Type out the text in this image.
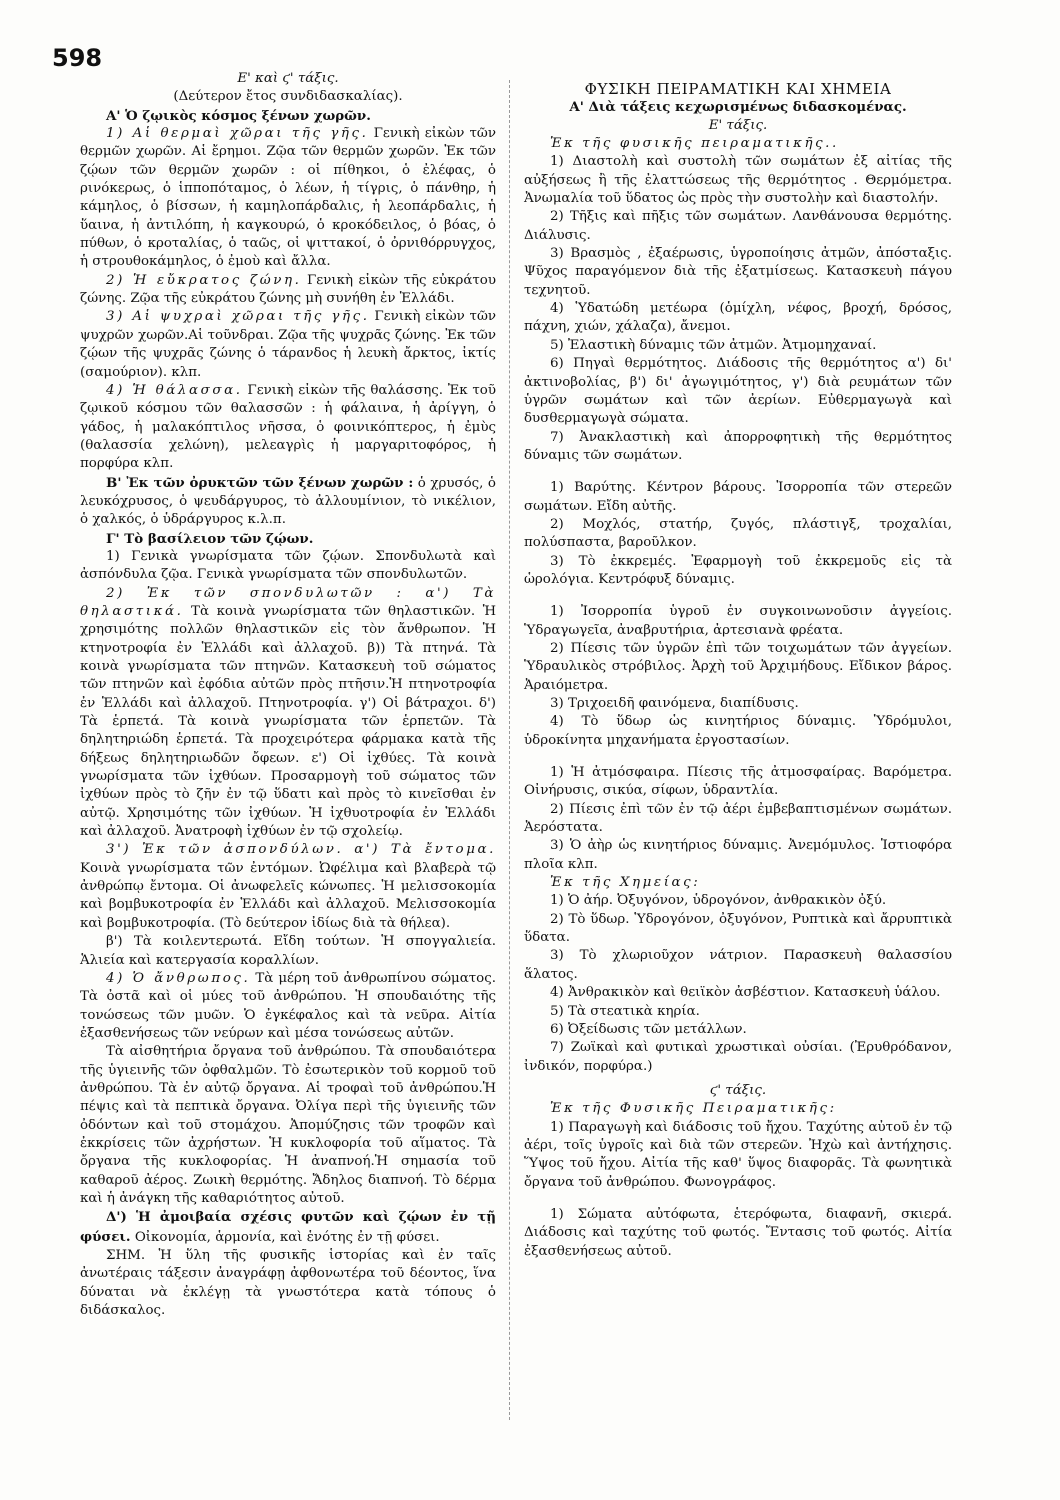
598

Ε' καὶ ϛ' τάξις.

(Δεύτερον ἔτος συνδιδασκαλίας).

Α' Ὁ ζῳικὸς κόσμος ξένων χωρῶν.

1) Αἱ θερμαὶ χῶραι τῆς γῆς. Γενικὴ εἰκὼν τῶν θερμῶν χωρῶν. Αἱ ἔρημοι. Ζῷα τῶν θερμῶν χωρῶν. Ἐκ τῶν ζῴων τῶν θερμῶν χωρῶν : οἱ πίθηκοι, ὁ ἐλέφας, ὁ ρινόκερως, ὁ ἱπποπόταμος, ὁ λέων, ἡ τίγρις, ὁ πάνθηρ, ἡ κάμηλος, ὁ βίσσων, ἡ καμηλοπάρδαλις, ἡ λεοπάρδαλις, ἡ ὕαινα, ἡ ἀντιλόπη, ἡ καγκουρώ, ὁ κροκόδειλος, ὁ βόας, ὁ πύθων, ὁ κροταλίας, ὁ ταῶς, οἱ ψιττακοί, ὁ ὀρνιθόρρυγχος, ἡ στρουθοκάμηλος, ὁ ἐμοὺ καὶ ἄλλα.

2) Ἡ εὔκρατος ζώνη. Γενικὴ εἰκὼν τῆς εὐκράτου ζώνης. Ζῷα τῆς εὐκράτου ζώνης μὴ συνήθη ἐν Ἑλλάδι.

3) Αἱ ψυχραὶ χῶραι τῆς γῆς. Γενικὴ εἰκὼν τῶν ψυχρῶν χωρῶν.Αἱ τοῦνδραι. Ζῷα τῆς ψυχρᾶς ζώνης. Ἐκ τῶν ζῴων τῆς ψυχρᾶς ζώνης ὁ τάρανδος ἡ λευκὴ ἄρκτος, ἰκτίς (σαμούριον). κλπ.

4) Ἡ θάλασσα. Γενικὴ εἰκὼν τῆς θαλάσσης. Ἐκ τοῦ ζῳικοῦ κόσμου τῶν θαλασσῶν : ἡ φάλαινα, ἡ ἀρίγγη, ὁ γάδος, ἡ μαλακόπτιλος νῆσσα, ὁ φοινικόπτερος, ἡ ἐμὺς (θαλασσία χελώνη), μελεαγρὶς ἡ μαργαριτοφόρος, ἡ πορφύρα κλπ.

Β' Ἐκ τῶν ὀρυκτῶν τῶν ξένων χωρῶν : ὁ χρυσός, ὁ λευκόχρυσος, ὁ ψευδάργυρος, τὸ ἀλλουμίνιον, τὸ νικέλιον, ὁ χαλκός, ὁ ὑδράργυρος κ.λ.π.

Γ' Τὸ βασίλειον τῶν ζῴων.

1) Γενικὰ γνωρίσματα τῶν ζῴων. Σπονδυλωτὰ καὶ ἀσπόνδυλα ζῷα. Γενικὰ γνωρίσματα τῶν σπονδυλωτῶν.

2) Ἐκ τῶν σπονδυλωτῶν : α') Τὰ θηλαστικά. Τὰ κοινὰ γνωρίσματα τῶν θηλαστικῶν. Ἡ χρησιμότης πολλῶν θηλαστικῶν εἰς τὸν ἄνθρωπον. Ἡ κτηνοτροφία ἐν Ἑλλάδι καὶ ἀλλαχοῦ. β)) Τὰ πτηνά. Τὰ κοινὰ γνωρίσματα τῶν πτηνῶν. Κατασκευὴ τοῦ σώματος τῶν πτηνῶν καὶ ἐφόδια αὐτῶν πρὸς πτῆσιν.Ἡ πτηνοτροφία ἐν Ἑλλάδι καὶ ἀλλαχοῦ. Πτηνοτροφία. γ') Οἱ βάτραχοι. δ') Τὰ ἑρπετά. Τὰ κοινὰ γνωρίσματα τῶν ἑρπετῶν. Τὰ δηλητηριώδη ἑρπετά. Τὰ προχειρότερα φάρμακα κατὰ τῆς δήξεως δηλητηριωδῶν ὄφεων. ε') Οἱ ἰχθύες. Τὰ κοινὰ γνωρίσματα τῶν ἰχθύων. Προσαρμογὴ τοῦ σώματος τῶν ἰχθύων πρὸς τὸ ζῆν ἐν τῷ ὕδατι καὶ πρὸς τὸ κινεῖσθαι ἐν αὐτῷ. Χρησιμότης τῶν ἰχθύων. Ἡ ἰχθυοτροφία ἐν Ἑλλάδι καὶ ἀλλαχοῦ. Ἀνατροφὴ ἰχθύων ἐν τῷ σχολείῳ.

3') Ἐκ τῶν ἀσπονδύλων. α') Τὰ ἔντομα. Κοινὰ γνωρίσματα τῶν ἐντόμων. Ὠφέλιμα καὶ βλαβερὰ τῷ ἀνθρώπῳ ἔντομα. Οἱ ἀνωφελεῖς κώνωπες. Ἡ μελισσοκομία καὶ βομβυκοτροφία ἐν Ἑλλάδι καὶ ἀλλαχοῦ. Μελισσοκομία καὶ βομβυκοτροφία. (Τὸ δεύτερον ἰδίως διὰ τὰ θήλεα).

β') Τὰ κοιλεντερωτά. Εἴδη τούτων. Ἡ σπογγαλιεία. Ἁλιεία καὶ κατεργασία κοραλλίων.

4) Ὁ ἄνθρωπος. Τὰ μέρη τοῦ ἀνθρωπίνου σώματος. Τὰ ὀστᾶ καὶ οἱ μύες τοῦ ἀνθρώπου. Ἡ σπουδαιότης τῆς τονώσεως τῶν μυῶν. Ὁ ἐγκέφαλος καὶ τὰ νεῦρα. Αἰτία ἐξασθενήσεως τῶν νεύρων καὶ μέσα τονώσεως αὐτῶν.

Τὰ αἰσθητήρια ὄργανα τοῦ ἀνθρώπου. Τὰ σπουδαιότερα τῆς ὑγιεινῆς τῶν ὀφθαλμῶν. Τὸ ἐσωτερικὸν τοῦ κορμοῦ τοῦ ἀνθρώπου. Τὰ ἐν αὐτῷ ὄργανα. Αἱ τροφαὶ τοῦ ἀνθρώπου.Ἡ πέψις καὶ τὰ πεπτικὰ ὄργανα. Ὀλίγα περὶ τῆς ὑγιεινῆς τῶν ὀδόντων καὶ τοῦ στομάχου. Ἀπομύζησις τῶν τροφῶν καὶ ἐκκρίσεις τῶν ἀχρήστων. Ἡ κυκλοφορία τοῦ αἵματος. Τὰ ὄργανα τῆς κυκλοφορίας. Ἡ ἀναπνοή.Ἡ σημασία τοῦ καθαροῦ ἀέρος. Ζωικὴ θερμότης. Ἄδηλος διαπνοή. Τὸ δέρμα καὶ ἡ ἀνάγκη τῆς καθαριότητος αὐτοῦ.

Δ') Ἡ ἀμοιβαία σχέσις φυτῶν καὶ ζῴων ἐν τῇ φύσει. Οἰκονομία, ἁρμονία, καὶ ἑνότης ἐν τῇ φύσει.

ΣΗΜ. Ἡ ὕλη τῆς φυσικῆς ἱστορίας καὶ ἐν ταῖς ἀνωτέραις τάξεσιν ἀναγράφῃ ἀφθονωτέρα τοῦ δέοντος, ἵνα δύναται νὰ ἐκλέγῃ τὰ γνωστότερα κατὰ τόπους ὁ διδάσκαλος.

ΦΥΣΙΚΗ ΠΕΙΡΑΜΑΤΙΚΗ ΚΑΙ ΧΗΜΕΙΑ

Α' Διὰ τάξεις κεχωρισμένως διδασκομένας.

Ε' τάξις.

Ἐκ τῆς φυσικῆς πειραματικῆς..

1) Διαστολὴ καὶ συστολὴ τῶν σωμάτων ἐξ αἰτίας τῆς αὐξήσεως ἢ τῆς ἐλαττώσεως τῆς θερμότητος . Θερμόμετρα. Ἀνωμαλία τοῦ ὕδατος ὡς πρὸς τὴν συστολὴν καὶ διαστολήν.

2) Τῆξις καὶ πῆξις τῶν σωμάτων. Λανθάνουσα θερμότης. Διάλυσις.

3) Βρασμὸς , ἐξαέρωσις, ὑγροποίησις ἀτμῶν, ἀπόσταξις. Ψῦχος παραγόμενον διὰ τῆς ἐξατμίσεως. Κατασκευὴ πάγου τεχνητοῦ.

4) Ὑδατώδη μετέωρα (ὁμίχλη, νέφος, βροχή, δρόσος, πάχνη, χιών, χάλαζα), ἄνεμοι.

5) Ἐλαστικὴ δύναμις τῶν ἀτμῶν. Ἀτμομηχαναί.

6) Πηγαὶ θερμότητος. Διάδοσις τῆς θερμότητος α') δι' ἀκτινοβολίας, β') δι' ἀγωγιμότητος, γ') διὰ ρευμάτων τῶν ὑγρῶν σωμάτων καὶ τῶν ἀερίων. Εὐθερμαγωγὰ καὶ δυσθερμαγωγὰ σώματα.

7) Ἀνακλαστικὴ καὶ ἀπορροφητικὴ τῆς θερμότητος δύναμις τῶν σωμάτων.

1) Βαρύτης. Κέντρον βάρους. Ἰσορροπία τῶν στερεῶν σωμάτων. Εἴδη αὐτῆς.

2) Μοχλός, στατήρ, ζυγός, πλάστιγξ, τροχαλίαι, πολύσπαστα, βαροῦλκον.

3) Τὸ ἐκκρεμές. Ἐφαρμογὴ τοῦ ἐκκρεμοῦς εἰς τὰ ὡρολόγια. Κεντρόφυξ δύναμις.

1) Ἰσορροπία ὑγροῦ ἐν συγκοινωνοῦσιν ἀγγείοις. Ὑδραγωγεῖα, ἀναβρυτήρια, ἀρτεσιανὰ φρέατα.

2) Πίεσις τῶν ὑγρῶν ἐπὶ τῶν τοιχωμάτων τῶν ἀγγείων. Ὑδραυλικὸς στρόβιλος. Ἀρχὴ τοῦ Ἀρχιμήδους. Εἴδικον βάρος. Ἀραιόμετρα.

3) Τριχοειδῆ φαινόμενα, διαπίδυσις.

4) Τὸ ὕδωρ ὡς κινητήριος δύναμις. Ὑδρόμυλοι, ὑδροκίνητα μηχανήματα ἐργοστασίων.

1) Ἡ ἀτμόσφαιρα. Πίεσις τῆς ἀτμοσφαίρας. Βαρόμετρα. Οἰνήρυσις, σικύα, σίφων, ὑδραντλία.

2) Πίεσις ἐπὶ τῶν ἐν τῷ ἀέρι ἐμβεβαπτισμένων σωμάτων. Ἀερόστατα.

3) Ὁ ἀὴρ ὡς κινητήριος δύναμις. Ἀνεμόμυλος. Ἱστιοφόρα πλοῖα κλπ.

Ἐκ τῆς Χημείας:

1) Ὁ ἀήρ. Ὀξυγόνον, ὑδρογόνον, ἀνθρακικὸν ὀξύ.

2) Τὸ ὕδωρ. Ὑδρογόνον, ὀξυγόνον, Ρυπτικὰ καὶ ἄρρυπτικὰ ὕδατα.

3) Τὸ χλωριοῦχον νάτριον. Παρασκευὴ θαλασσίου ἅλατος.

4) Ἀνθρακικὸν καὶ θειϊκὸν ἀσβέστιον. Κατασκευὴ ὑάλου.

5) Τὰ στεατικὰ κηρία.

6) Ὀξείδωσις τῶν μετάλλων.

7) Ζωϊκαὶ καὶ φυτικαὶ χρωστικαὶ οὐσίαι. (Ἐρυθρόδανον, ἰνδικόν, πορφύρα.)

ϛ' τάξις.

Ἐκ τῆς Φυσικῆς Πειραματικῆς:

1) Παραγωγὴ καὶ διάδοσις τοῦ ἤχου. Ταχύτης αὐτοῦ ἐν τῷ ἀέρι, τοῖς ὑγροῖς καὶ διὰ τῶν στερεῶν. Ἠχὼ καὶ ἀντήχησις. Ὕψος τοῦ ἤχου. Αἰτία τῆς καθ' ὕψος διαφορᾶς. Τὰ φωνητικὰ ὄργανα τοῦ ἀνθρώπου. Φωνογράφος.

1) Σώματα αὐτόφωτα, ἑτερόφωτα, διαφανῆ, σκιερά. Διάδοσις καὶ ταχύτης τοῦ φωτός. Ἔντασις τοῦ φωτός. Αἰτία ἐξασθενήσεως αὐτοῦ.
